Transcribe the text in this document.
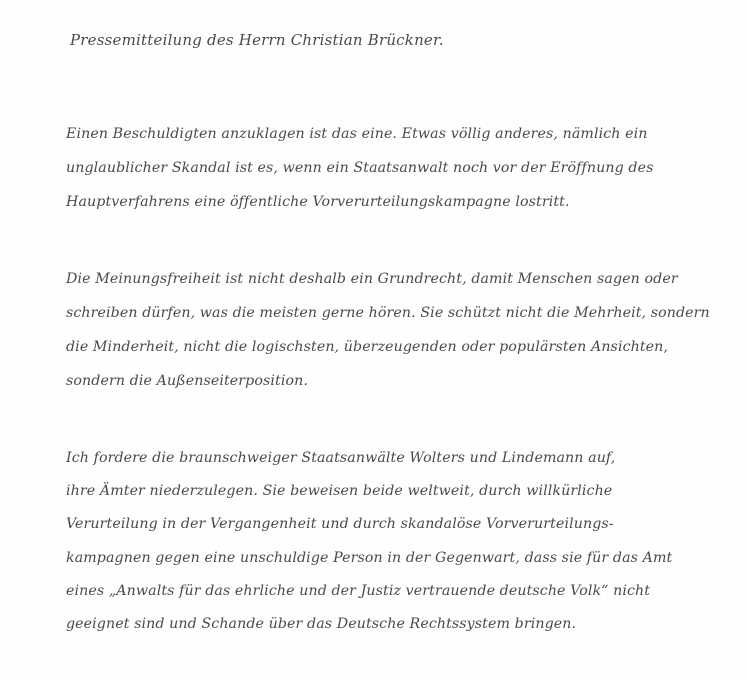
Pressemitteilung des Herrn Christian Brückner.
Einen Beschuldigten anzuklagen ist das eine. Etwas völlig anderes, nämlich ein
unglaublicher Skandal ist es, wenn ein Staatsanwalt noch vor der Eröffnung des
Hauptverfahrens eine öffentliche Vorverurteilungskampagne lostritt.
Die Meinungsfreiheit ist nicht deshalb ein Grundrecht, damit Menschen sagen oder
schreiben dürfen, was die meisten gerne hören. Sie schützt nicht die Mehrheit, sondern
die Minderheit, nicht die logischsten, überzeugenden oder populärsten Ansichten,
sondern die Außenseiterposition.
Ich fordere die braunschweiger Staatsanwälte Wolters und Lindemann auf,
ihre Ämter niederzulegen. Sie beweisen beide weltweit, durch willkürliche
Verurteilung in der Vergangenheit und durch skandalöse Vorverurteilungs-
kampagnen gegen eine unschuldige Person in der Gegenwart, dass sie für das Amt
eines „Anwalts für das ehrliche und der Justiz vertrauende deutsche Volk“ nicht
geeignet sind und Schande über das Deutsche Rechtssystem bringen.
